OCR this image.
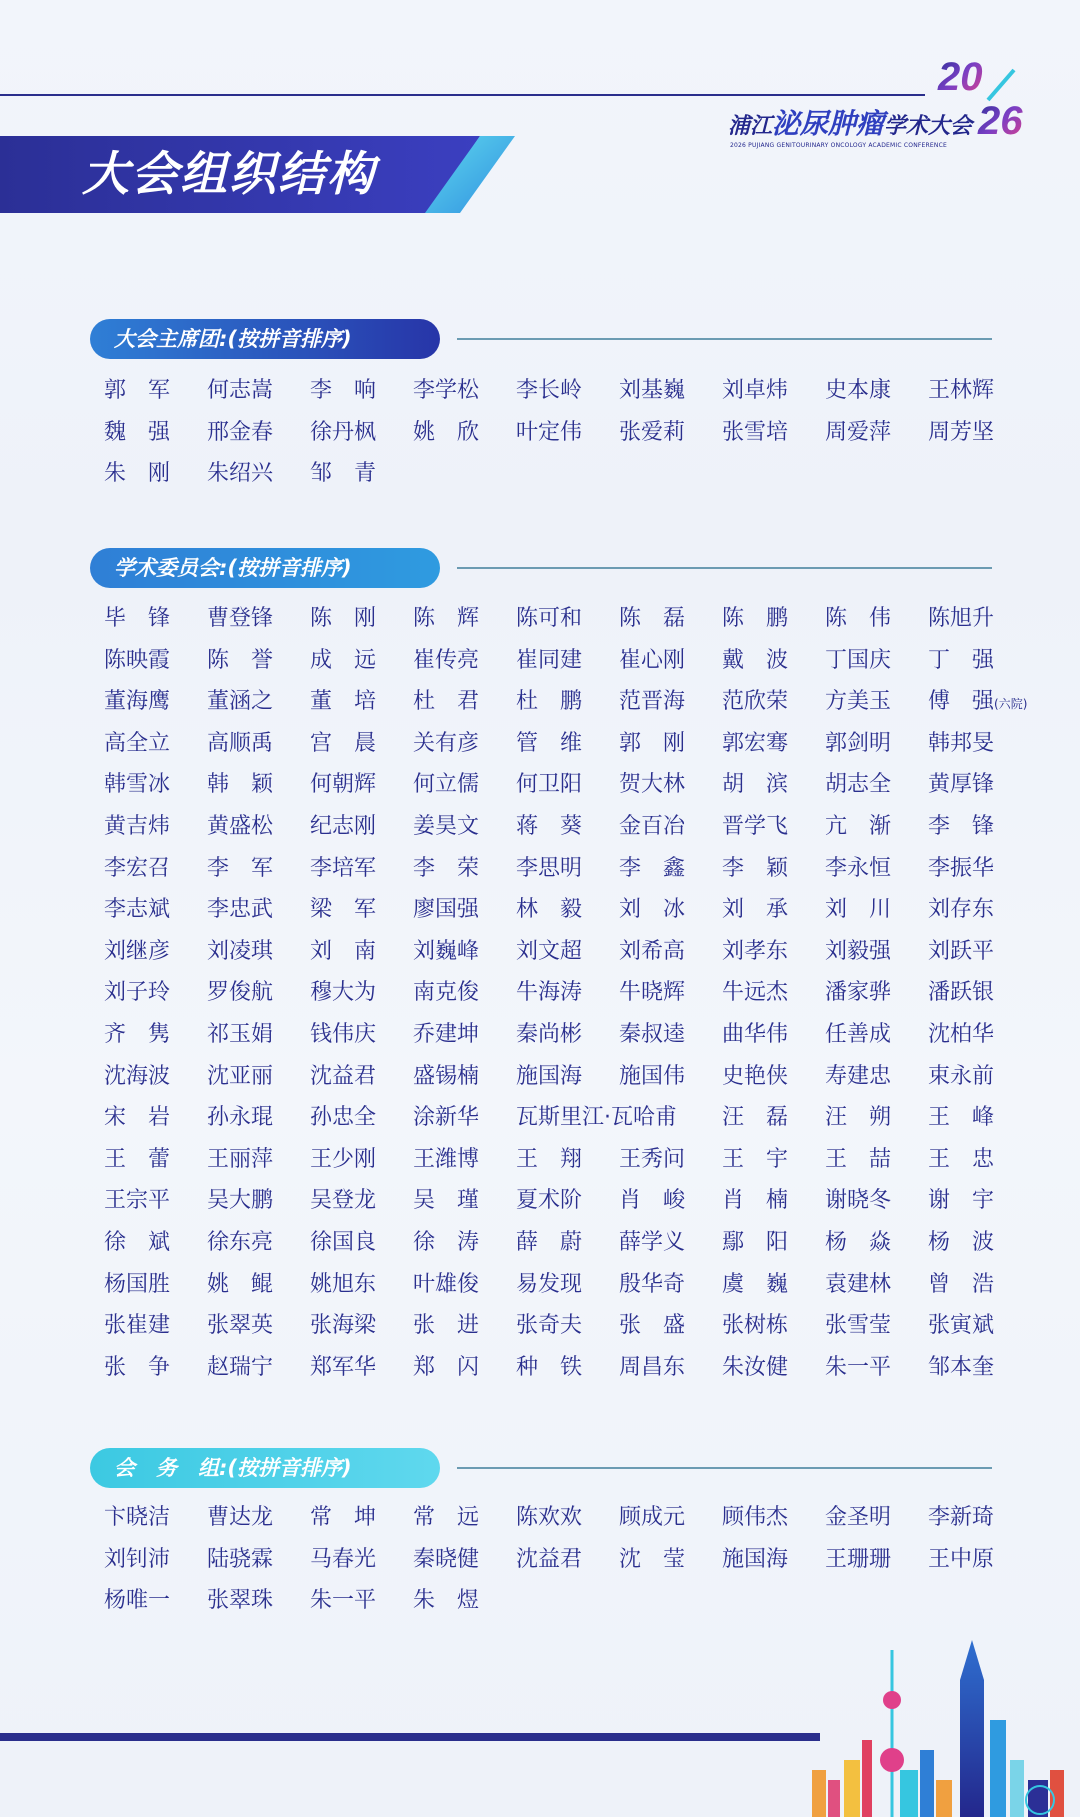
20
26
浦江泌尿肿瘤学术大会
2026 PUJIANG GENITOURINARY ONCOLOGY ACADEMIC CONFERENCE
大会组织结构
大会主席团:(按拼音排序)
郭　军	何志嵩	李　响	李学松	李长岭	刘基巍	刘卓炜	史本康	王林辉
魏　强	邢金春	徐丹枫	姚　欣	叶定伟	张爱莉	张雪培	周爱萍	周芳坚
朱　刚	朱绍兴	邹　青
学术委员会:(按拼音排序)
毕　锋	曹登锋	陈　刚	陈　辉	陈可和	陈　磊	陈　鹏	陈　伟	陈旭升
陈映霞	陈　誉	成　远	崔传亮	崔同建	崔心刚	戴　波	丁国庆	丁　强
董海鹰	董涵之	董　培	杜　君	杜　鹏	范晋海	范欣荣	方美玉	傅　强(六院)
高全立	高顺禹	宫　晨	关有彦	管　维	郭　刚	郭宏骞	郭剑明	韩邦旻
韩雪冰	韩　颖	何朝辉	何立儒	何卫阳	贺大林	胡　滨	胡志全	黄厚锋
黄吉炜	黄盛松	纪志刚	姜昊文	蒋　葵	金百冶	晋学飞	亢　渐	李　锋
李宏召	李　军	李培军	李　荣	李思明	李　鑫	李　颖	李永恒	李振华
李志斌	李忠武	梁　军	廖国强	林　毅	刘　冰	刘　承	刘　川	刘存东
刘继彦	刘凌琪	刘　南	刘巍峰	刘文超	刘希高	刘孝东	刘毅强	刘跃平
刘子玲	罗俊航	穆大为	南克俊	牛海涛	牛晓辉	牛远杰	潘家骅	潘跃银
齐　隽	祁玉娟	钱伟庆	乔建坤	秦尚彬	秦叔逵	曲华伟	任善成	沈柏华
沈海波	沈亚丽	沈益君	盛锡楠	施国海	施国伟	史艳侠	寿建忠	束永前
宋　岩	孙永琨	孙忠全	涂新华	瓦斯里江·瓦哈甫	汪　磊	汪　朔	王　峰
王　蕾	王丽萍	王少刚	王潍博	王　翔	王秀问	王　宇	王　喆	王　忠
王宗平	吴大鹏	吴登龙	吴　瑾	夏术阶	肖　峻	肖　楠	谢晓冬	谢　宇
徐　斌	徐东亮	徐国良	徐　涛	薛　蔚	薛学义	鄢　阳	杨　焱	杨　波
杨国胜	姚　鲲	姚旭东	叶雄俊	易发现	殷华奇	虞　巍	袁建林	曾　浩
张崔建	张翠英	张海梁	张　进	张奇夫	张　盛	张树栋	张雪莹	张寅斌
张　争	赵瑞宁	郑军华	郑　闪	种　铁	周昌东	朱汝健	朱一平	邹本奎
会　务　组:(按拼音排序)
卞晓洁	曹达龙	常　坤	常　远	陈欢欢	顾成元	顾伟杰	金圣明	李新琦
刘钊沛	陆骁霖	马春光	秦晓健	沈益君	沈　莹	施国海	王珊珊	王中原
杨唯一	张翠珠	朱一平	朱　煜
